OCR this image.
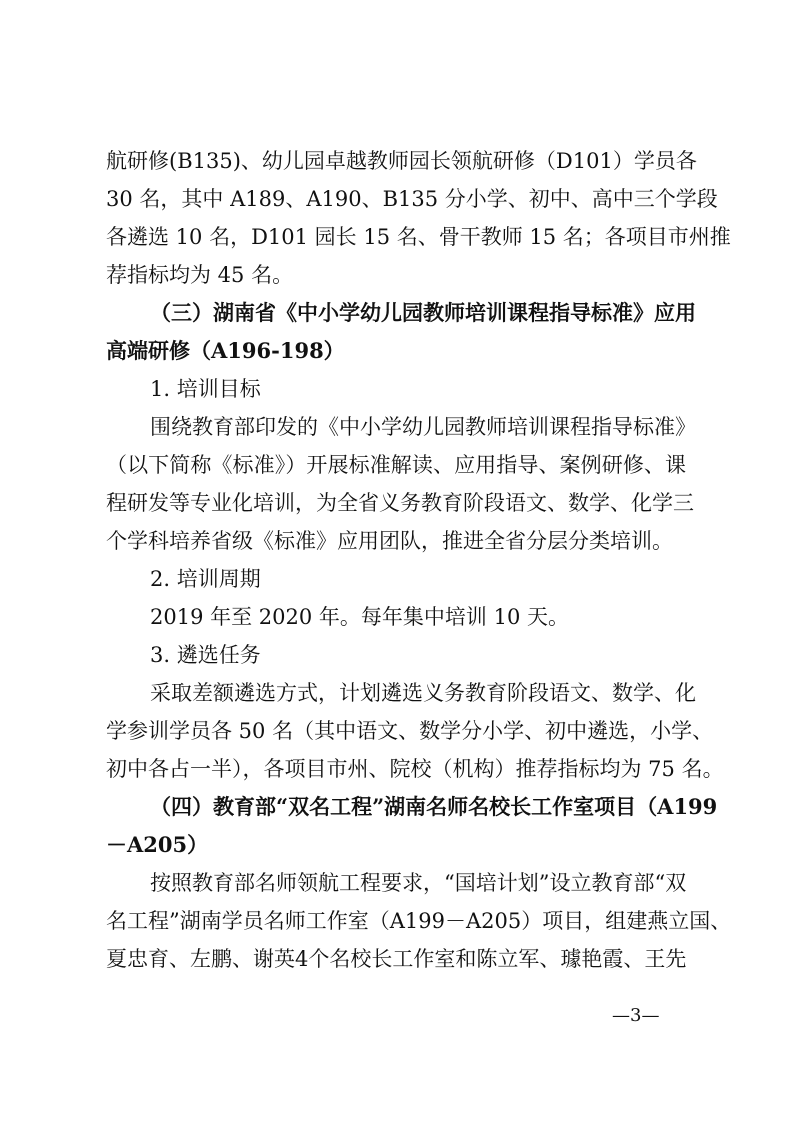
航研修(B135)、幼儿园卓越教师园长领航研修（D101）学员各
30 名，其中 A189、A190、B135 分小学、初中、高中三个学段
各遴选 10 名，D101 园长 15 名、骨干教师 15 名；各项目市州推
荐指标均为 45 名。
（三）湖南省《中小学幼儿园教师培训课程指导标准》应用
高端研修（A196-198）
1. 培训目标
围绕教育部印发的《中小学幼儿园教师培训课程指导标准》
（以下简称《标准》）开展标准解读、应用指导、案例研修、课
程研发等专业化培训，为全省义务教育阶段语文、数学、化学三
个学科培养省级《标准》应用团队，推进全省分层分类培训。
2. 培训周期
2019 年至 2020 年。每年集中培训 10 天。
3. 遴选任务
采取差额遴选方式，计划遴选义务教育阶段语文、数学、化
学参训学员各 50 名（其中语文、数学分小学、初中遴选，小学、
初中各占一半），各项目市州、院校（机构）推荐指标均为 75 名。
（四）教育部“双名工程”湖南名师名校长工作室项目（A199
－A205）
按照教育部名师领航工程要求，“国培计划”设立教育部“双
名工程”湖南学员名师工作室（A199－A205）项目，组建燕立国、
夏忠育、左鹏、谢英4个名校长工作室和陈立军、璩艳霞、王先
—3—
